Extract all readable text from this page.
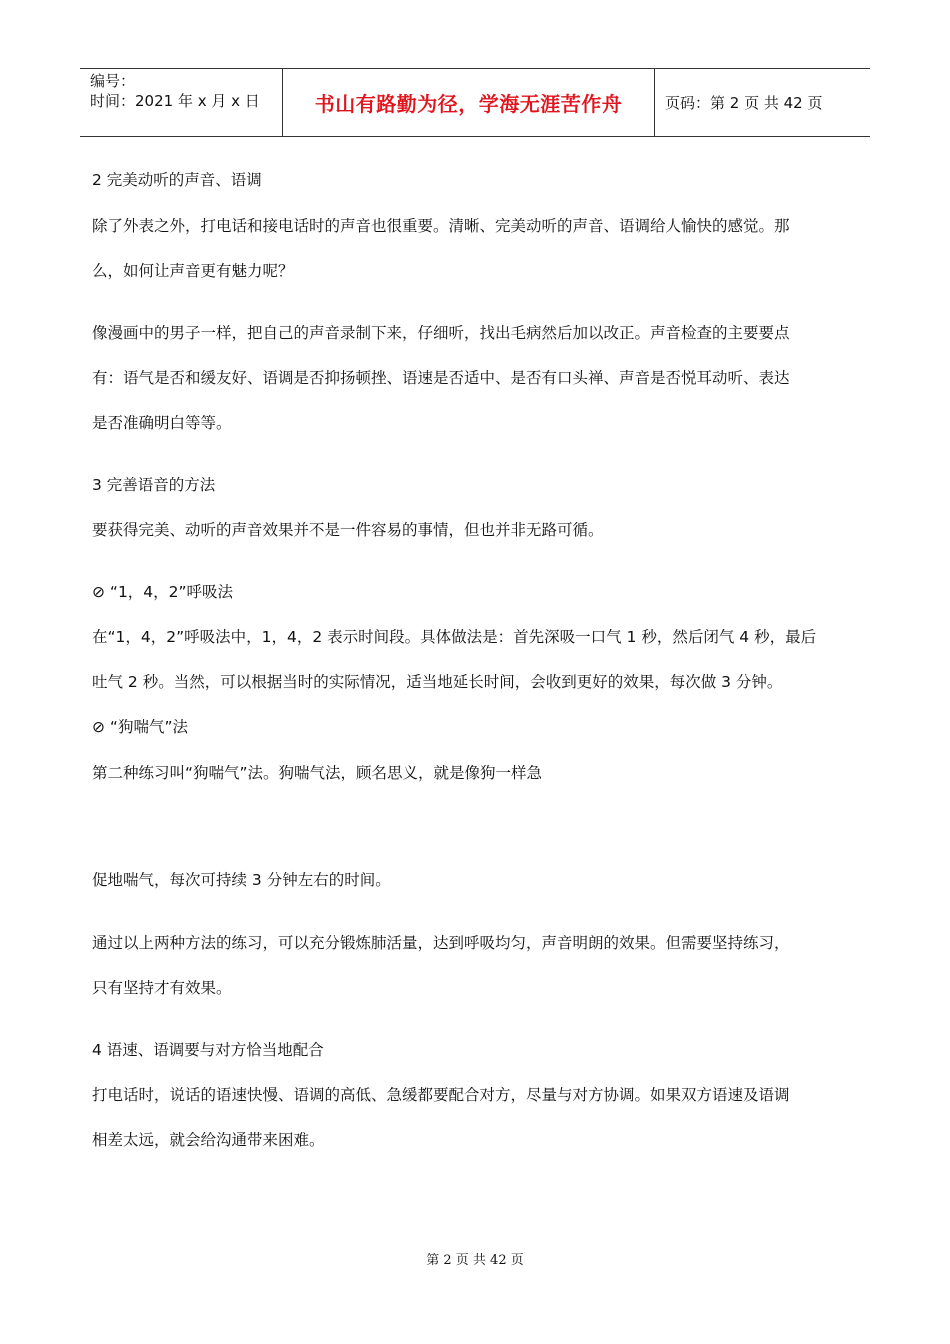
编号：
时间：2021 年 x 月 x 日	书山有路勤为径，学海无涯苦作舟	页码：第 2 页 共 42 页
2 完美动听的声音、语调
除了外表之外，打电话和接电话时的声音也很重要。清晰、完美动听的声音、语调给人愉快的感觉。那
么，如何让声音更有魅力呢？
像漫画中的男子一样，把自己的声音录制下来，仔细听，找出毛病然后加以改正。声音检查的主要要点
有：语气是否和缓友好、语调是否抑扬顿挫、语速是否适中、是否有口头禅、声音是否悦耳动听、表达
是否准确明白等等。
3 完善语音的方法
要获得完美、动听的声音效果并不是一件容易的事情，但也并非无路可循。
⊘ “1，4，2”呼吸法
在“1，4，2”呼吸法中，1，4，2 表示时间段。具体做法是：首先深吸一口气 1 秒，然后闭气 4 秒，最后
吐气 2 秒。当然，可以根据当时的实际情况，适当地延长时间，会收到更好的效果，每次做 3 分钟。
⊘ “狗喘气”法
第二种练习叫“狗喘气”法。狗喘气法，顾名思义，就是像狗一样急
促地喘气，每次可持续 3 分钟左右的时间。
通过以上两种方法的练习，可以充分锻炼肺活量，达到呼吸均匀，声音明朗的效果。但需要坚持练习，
只有坚持才有效果。
4 语速、语调要与对方恰当地配合
打电话时，说话的语速快慢、语调的高低、急缓都要配合对方，尽量与对方协调。如果双方语速及语调
相差太远，就会给沟通带来困难。
第 2 页 共 42 页
